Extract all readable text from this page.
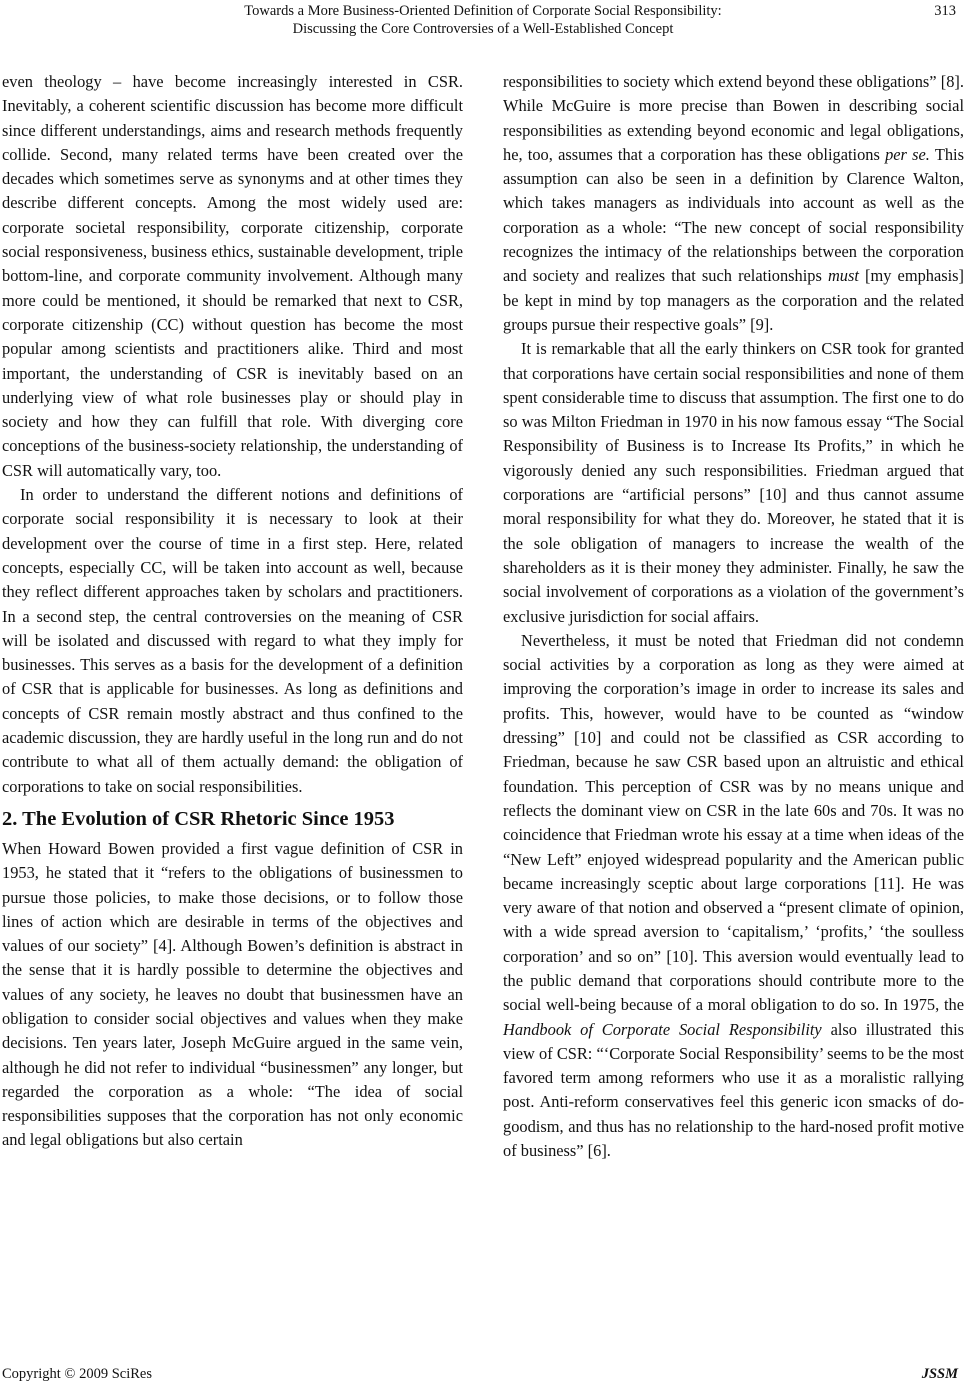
Towards a More Business-Oriented Definition of Corporate Social Responsibility:
Discussing the Core Controversies of a Well-Established Concept
313

even theology – have become increasingly interested in CSR. Inevitably, a coherent scientific discussion has become more difficult since different understandings, aims and research methods frequently collide. Second, many related terms have been created over the decades which sometimes serve as synonyms and at other times they describe different concepts. Among the most widely used are: corporate societal responsibility, corporate citizenship, corporate social responsiveness, business ethics, sustainable development, triple bottom-line, and corporate community involvement. Although many more could be mentioned, it should be remarked that next to CSR, corporate citizenship (CC) without question has become the most popular among scientists and practitioners alike. Third and most important, the understanding of CSR is inevitably based on an underlying view of what role businesses play or should play in society and how they can fulfill that role. With diverging core conceptions of the business-society relationship, the understanding of CSR will automatically vary, too.

In order to understand the different notions and definitions of corporate social responsibility it is necessary to look at their development over the course of time in a first step. Here, related concepts, especially CC, will be taken into account as well, because they reflect different approaches taken by scholars and practitioners. In a second step, the central controversies on the meaning of CSR will be isolated and discussed with regard to what they imply for businesses. This serves as a basis for the development of a definition of CSR that is applicable for businesses. As long as definitions and concepts of CSR remain mostly abstract and thus confined to the academic discussion, they are hardly useful in the long run and do not contribute to what all of them actually demand: the obligation of corporations to take on social responsibilities.

2. The Evolution of CSR Rhetoric Since 1953

When Howard Bowen provided a first vague definition of CSR in 1953, he stated that it “refers to the obligations of businessmen to pursue those policies, to make those decisions, or to follow those lines of action which are desirable in terms of the objectives and values of our society” [4]. Although Bowen’s definition is abstract in the sense that it is hardly possible to determine the objectives and values of any society, he leaves no doubt that businessmen have an obligation to consider social objectives and values when they make decisions. Ten years later, Joseph McGuire argued in the same vein, although he did not refer to individual “businessmen” any longer, but regarded the corporation as a whole: “The idea of social responsibilities supposes that the corporation has not only economic and legal obligations but also certain

responsibilities to society which extend beyond these obligations” [8]. While McGuire is more precise than Bowen in describing social responsibilities as extending beyond economic and legal obligations, he, too, assumes that a corporation has these obligations per se. This assumption can also be seen in a definition by Clarence Walton, which takes managers as individuals into account as well as the corporation as a whole: “The new concept of social responsibility recognizes the intimacy of the relationships between the corporation and society and realizes that such relationships must [my emphasis] be kept in mind by top managers as the corporation and the related groups pursue their respective goals” [9].

It is remarkable that all the early thinkers on CSR took for granted that corporations have certain social responsibilities and none of them spent considerable time to discuss that assumption. The first one to do so was Milton Friedman in 1970 in his now famous essay “The Social Responsibility of Business is to Increase Its Profits,” in which he vigorously denied any such responsibilities. Friedman argued that corporations are “artificial persons” [10] and thus cannot assume moral responsibility for what they do. Moreover, he stated that it is the sole obligation of managers to increase the wealth of the shareholders as it is their money they administer. Finally, he saw the social involvement of corporations as a violation of the government’s exclusive jurisdiction for social affairs.

Nevertheless, it must be noted that Friedman did not condemn social activities by a corporation as long as they were aimed at improving the corporation’s image in order to increase its sales and profits. This, however, would have to be counted as “window dressing” [10] and could not be classified as CSR according to Friedman, because he saw CSR based upon an altruistic and ethical foundation. This perception of CSR was by no means unique and reflects the dominant view on CSR in the late 60s and 70s. It was no coincidence that Friedman wrote his essay at a time when ideas of the “New Left” enjoyed widespread popularity and the American public became increasingly sceptic about large corporations [11]. He was very aware of that notion and observed a “present climate of opinion, with a wide spread aversion to ‘capitalism,’ ‘profits,’ ‘the soulless corporation’ and so on” [10]. This aversion would eventually lead to the public demand that corporations should contribute more to the social well-being because of a moral obligation to do so. In 1975, the Handbook of Corporate Social Responsibility also illustrated this view of CSR: “‘Corporate Social Responsibility’ seems to be the most favored term among reformers who use it as a moralistic rallying post. Anti-reform conservatives feel this generic icon smacks of do-goodism, and thus has no relationship to the hard-nosed profit motive of business” [6].

Copyright © 2009 SciRes	JSSM
